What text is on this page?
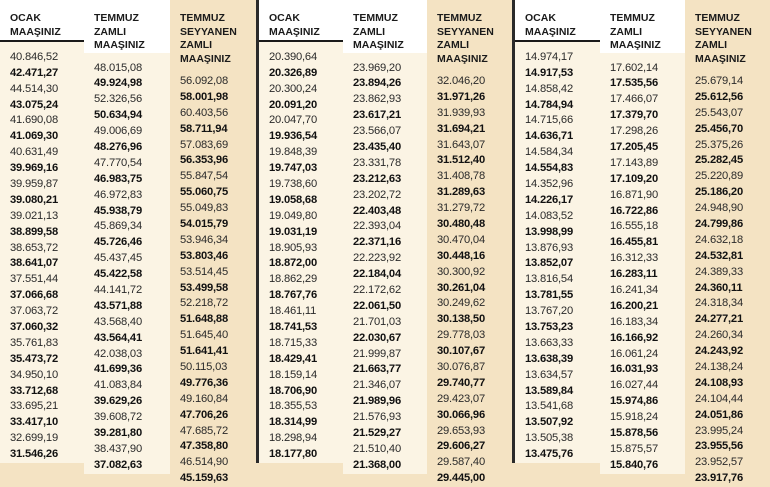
OCAK
MAAŞINIZ
40.846,52
42.471,27
44.514,30
43.075,24
41.690,08
41.069,30
40.631,49
39.969,16
39.959,87
39.080,21
39.021,13
38.899,58
38.653,72
38.641,07
37.551,44
37.066,68
37.063,72
37.060,32
35.761,83
35.473,72
34.950,10
33.712,68
33.695,21
33.417,10
32.699,19
31.546,26
TEMMUZ
ZAMLI
MAAŞINIZ
48.015,08
49.924,98
52.326,56
50.634,94
49.006,69
48.276,96
47.770,54
46.983,75
46.972,83
45.938,79
45.869,34
45.726,46
45.437,45
45.422,58
44.141,72
43.571,88
43.568,40
43.564,41
42.038,03
41.699,36
41.083,84
39.629,26
39.608,72
39.281,80
38.437,90
37.082,63
TEMMUZ
SEYYANEN
ZAMLI
MAAŞINIZ
56.092,08
58.001,98
60.403,56
58.711,94
57.083,69
56.353,96
55.847,54
55.060,75
55.049,83
54.015,79
53.946,34
53.803,46
53.514,45
53.499,58
52.218,72
51.648,88
51.645,40
51.641,41
50.115,03
49.776,36
49.160,84
47.706,26
47.685,72
47.358,80
46.514,90
45.159,63
OCAK
MAAŞINIZ
20.390,64
20.326,89
20.300,24
20.091,20
20.047,70
19.936,54
19.848,39
19.747,03
19.738,60
19.058,68
19.049,80
19.031,19
18.905,93
18.872,00
18.862,29
18.767,76
18.461,11
18.741,53
18.715,33
18.429,41
18.159,14
18.706,90
18.355,53
18.314,99
18.298,94
18.177,80
TEMMUZ
ZAMLI
MAAŞINIZ
23.969,20
23.894,26
23.862,93
23.617,21
23.566,07
23.435,40
23.331,78
23.212,63
23.202,72
22.403,48
22.393,04
22.371,16
22.223,92
22.184,04
22.172,62
22.061,50
21.701,03
22.030,67
21.999,87
21.663,77
21.346,07
21.989,96
21.576,93
21.529,27
21.510,40
21.368,00
TEMMUZ
SEYYANEN
ZAMLI
MAAŞINIZ
32.046,20
31.971,26
31.939,93
31.694,21
31.643,07
31.512,40
31.408,78
31.289,63
31.279,72
30.480,48
30.470,04
30.448,16
30.300,92
30.261,04
30.249,62
30.138,50
29.778,03
30.107,67
30.076,87
29.740,77
29.423,07
30.066,96
29.653,93
29.606,27
29.587,40
29.445,00
OCAK
MAAŞINIZ
14.974,17
14.917,53
14.858,42
14.784,94
14.715,66
14.636,71
14.584,34
14.554,83
14.352,96
14.226,17
14.083,52
13.998,99
13.876,93
13.852,07
13.816,54
13.781,55
13.767,20
13.753,23
13.663,33
13.638,39
13.634,57
13.589,84
13.541,68
13.507,92
13.505,38
13.475,76
TEMMUZ
ZAMLI
MAAŞINIZ
17.602,14
17.535,56
17.466,07
17.379,70
17.298,26
17.205,45
17.143,89
17.109,20
16.871,90
16.722,86
16.555,18
16.455,81
16.312,33
16.283,11
16.241,34
16.200,21
16.183,34
16.166,92
16.061,24
16.031,93
16.027,44
15.974,86
15.918,24
15.878,56
15.875,57
15.840,76
TEMMUZ
SEYYANEN
ZAMLI
MAAŞINIZ
25.679,14
25.612,56
25.543,07
25.456,70
25.375,26
25.282,45
25.220,89
25.186,20
24.948,90
24.799,86
24.632,18
24.532,81
24.389,33
24.360,11
24.318,34
24.277,21
24.260,34
24.243,92
24.138,24
24.108,93
24.104,44
24.051,86
23.995,24
23.955,56
23.952,57
23.917,76
